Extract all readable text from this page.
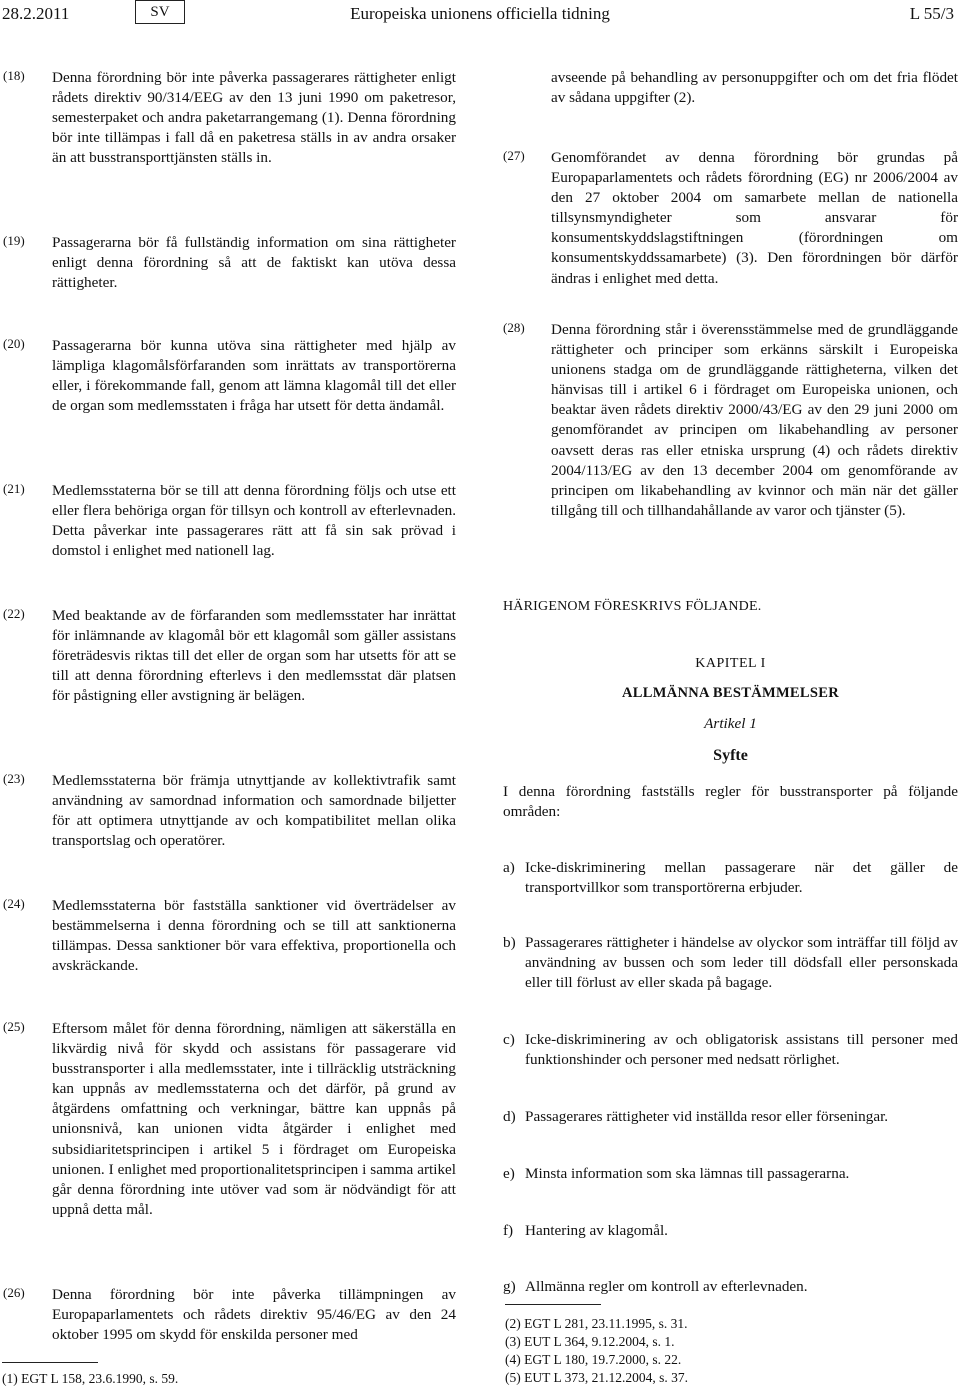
28.2.2011	Europeiska unionens officiella tidning
SV	L 55/3
(18) Denna förordning bör inte påverka passagerares rättigheter enligt rådets direktiv 90/314/EEG av den 13 juni 1990 om paketresor, semesterpaket och andra paketarrangemang (1). Denna förordning bör inte tillämpas i fall då en paketresa ställs in av andra orsaker än att busstransporttjänsten ställs in.
(19) Passagerarna bör få fullständig information om sina rättigheter enligt denna förordning så att de faktiskt kan utöva dessa rättigheter.
(20) Passagerarna bör kunna utöva sina rättigheter med hjälp av lämpliga klagomålsförfaranden som inrättats av transportörerna eller, i förekommande fall, genom att lämna klagomål till det eller de organ som medlemsstaten i fråga har utsett för detta ändamål.
(21) Medlemsstaterna bör se till att denna förordning följs och utse ett eller flera behöriga organ för tillsyn och kontroll av efterlevnaden. Detta påverkar inte passagerares rätt att få sin sak prövad i domstol i enlighet med nationell lag.
(22) Med beaktande av de förfaranden som medlemsstater har inrättat för inlämnande av klagomål bör ett klagomål som gäller assistans företrädesvis riktas till det eller de organ som har utsetts för att se till att denna förordning efterlevs i den medlemsstat där platsen för påstigning eller avstigning är belägen.
(23) Medlemsstaterna bör främja utnyttjande av kollektivtrafik samt användning av samordnad information och samordnade biljetter för att optimera utnyttjande av och kompatibilitet mellan olika transportslag och operatörer.
(24) Medlemsstaterna bör fastställa sanktioner vid överträdelser av bestämmelserna i denna förordning och se till att sanktionerna tillämpas. Dessa sanktioner bör vara effektiva, proportionella och avskräckande.
(25) Eftersom målet för denna förordning, nämligen att säkerställa en likvärdig nivå för skydd och assistans för passagerare vid busstransporter i alla medlemsstater, inte i tillräcklig utsträckning kan uppnås av medlemsstaterna och det därför, på grund av åtgärdens omfattning och verkningar, bättre kan uppnås på unionsnivå, kan unionen vidta åtgärder i enlighet med subsidiaritetsprincipen i artikel 5 i fördraget om Europeiska unionen. I enlighet med proportionalitetsprincipen i samma artikel går denna förordning inte utöver vad som är nödvändigt för att uppnå detta mål.
(26) Denna förordning bör inte påverka tillämpningen av Europaparlamentets och rådets direktiv 95/46/EG av den 24 oktober 1995 om skydd för enskilda personer med
(1) EGT L 158, 23.6.1990, s. 59.
avseende på behandling av personuppgifter och om det fria flödet av sådana uppgifter (2).
(27) Genomförandet av denna förordning bör grundas på Europaparlamentets och rådets förordning (EG) nr 2006/2004 av den 27 oktober 2004 om samarbete mellan de nationella tillsynsmyndigheter som ansvarar för konsumentskyddslagstiftningen (förordningen om konsumentskyddssamarbete) (3). Den förordningen bör därför ändras i enlighet med detta.
(28) Denna förordning står i överensstämmelse med de grundläggande rättigheter och principer som erkänns särskilt i Europeiska unionens stadga om de grundläggande rättigheterna, vilken det hänvisas till i artikel 6 i fördraget om Europeiska unionen, och beaktar även rådets direktiv 2000/43/EG av den 29 juni 2000 om genomförandet av principen om likabehandling av personer oavsett deras ras eller etniska ursprung (4) och rådets direktiv 2004/113/EG av den 13 december 2004 om genomförande av principen om likabehandling av kvinnor och män när det gäller tillgång till och tillhandahållande av varor och tjänster (5).
HÄRIGENOM FÖRESKRIVS FÖLJANDE.
KAPITEL I
ALLMÄNNA BESTÄMMELSER
Artikel 1
Syfte
I denna förordning fastställs regler för busstransporter på följande områden:
a) Icke-diskriminering mellan passagerare när det gäller de transportvillkor som transportörerna erbjuder.
b) Passagerares rättigheter i händelse av olyckor som inträffar till följd av användning av bussen och som leder till dödsfall eller personskada eller till förlust av eller skada på bagage.
c) Icke-diskriminering av och obligatorisk assistans till personer med funktionshinder och personer med nedsatt rörlighet.
d) Passagerares rättigheter vid inställda resor eller förseningar.
e) Minsta information som ska lämnas till passagerarna.
f) Hantering av klagomål.
g) Allmänna regler om kontroll av efterlevnaden.
(2) EGT L 281, 23.11.1995, s. 31.
(3) EUT L 364, 9.12.2004, s. 1.
(4) EGT L 180, 19.7.2000, s. 22.
(5) EUT L 373, 21.12.2004, s. 37.
